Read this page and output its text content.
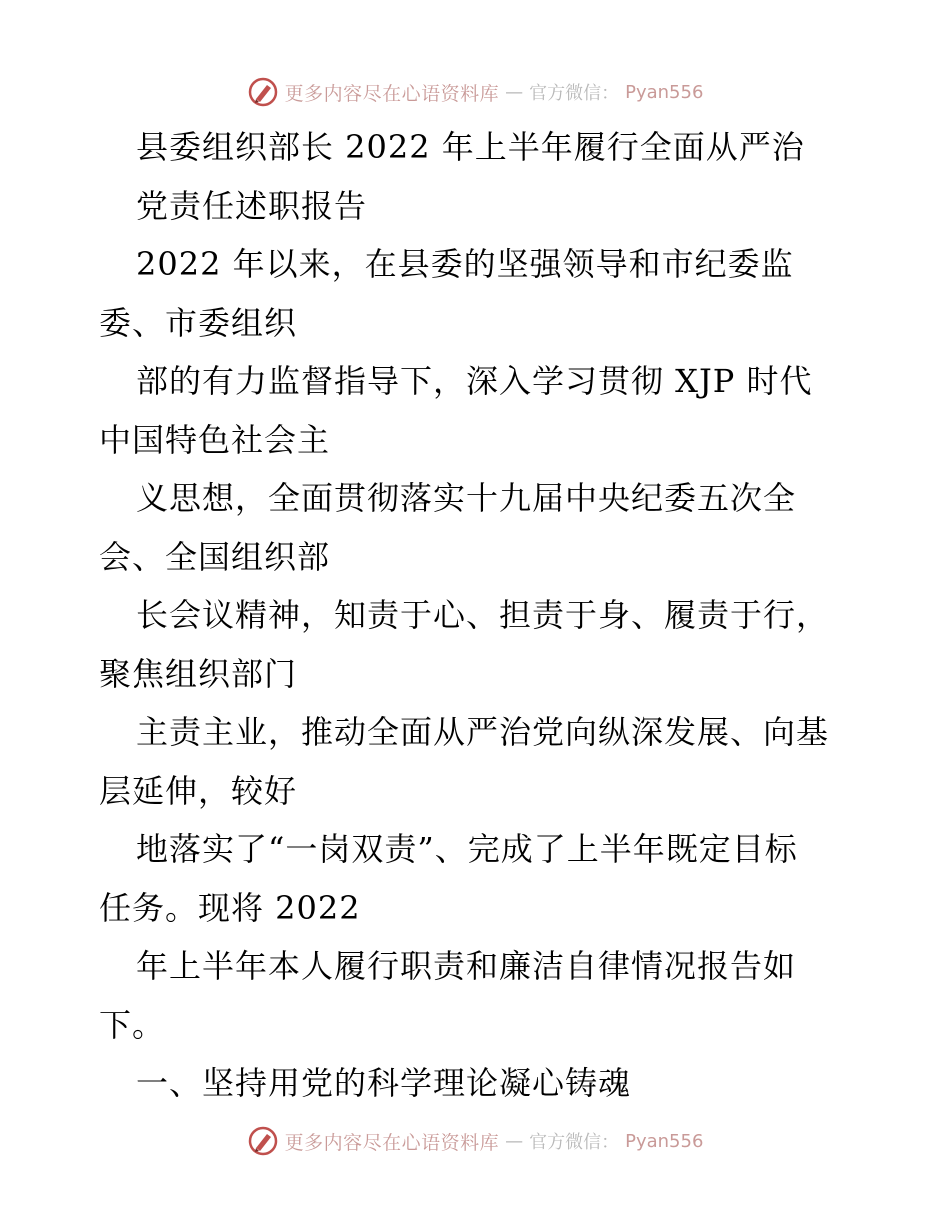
更多内容尽在心语资料库 — 官方微信： Pyan556
县委组织部长 2022 年上半年履行全面从严治
党责任述职报告
2022 年以来，在县委的坚强领导和市纪委监
委、市委组织
部的有力监督指导下，深入学习贯彻 XJP 时代
中国特色社会主
义思想，全面贯彻落实十九届中央纪委五次全
会、全国组织部
长会议精神，知责于心、担责于身、履责于行，
聚焦组织部门
主责主业，推动全面从严治党向纵深发展、向基
层延伸，较好
地落实了“一岗双责”、完成了上半年既定目标
任务。现将 2022
年上半年本人履行职责和廉洁自律情况报告如
下。
一、坚持用党的科学理论凝心铸魂
更多内容尽在心语资料库 — 官方微信： Pyan556
